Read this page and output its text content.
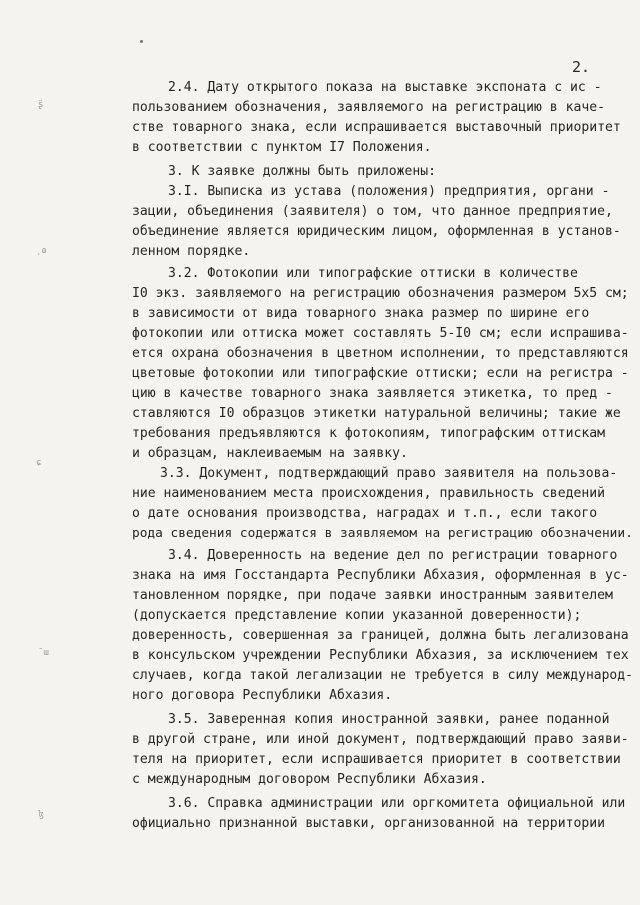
ʂ̈
˛ɷ
ɕ
˘ɯ
ɮ
2.
2.4. Дату открытого показа на выставке экспоната с ис -
пользованием обозначения, заявляемого на регистрацию в каче-
стве товарного знака, если испрашивается выставочный приоритет
в соответствии с пунктом I7 Положения.
3. К заявке должны быть приложены:
3.I. Выписка из устава (положения) предприятия, органи -
зации, объединения (заявителя) о том, что данное предприятие,
объединение является юридическим лицом, оформленная в установ-
ленном порядке.
3.2. Фотокопии или типографские оттиски в количестве
I0 экз. заявляемого на регистрацию обозначения размером 5х5 см;
в зависимости от вида товарного знака размер по ширине его
фотокопии или оттиска может составлять 5-I0 см; если испрашива-
ется охрана обозначения в цветном исполнении, то представляются
цветовые фотокопии или типографские оттиски; если на регистра -
цию в качестве товарного знака заявляется этикетка, то пред -
ставляются I0 образцов этикетки натуральной величины; такие же
требования предъявляются к фотокопиям, типографским оттискам
и образцам, наклеиваемым на заявку.
3.3. Документ, подтверждающий право заявителя на пользова-
ние наименованием места происхождения, правильность сведений
о дате основания производства, наградах и т.п., если такого
рода сведения содержатся в заявляемом на регистрацию обозначении.
3.4. Доверенность на ведение дел по регистрации товарного
знака на имя Госстандарта Республики Абхазия, оформленная в ус-
тановленном порядке, при подаче заявки иностранным заявителем
(допускается представление копии указанной доверенности);
доверенность, совершенная за границей, должна быть легализована
в консульском учреждении Республики Абхазия, за исключением тех
случаев, когда такой легализации не требуется в силу международ-
ного договора Республики Абхазия.
3.5. Заверенная копия иностранной заявки, ранее поданной
в другой стране, или иной документ, подтверждающий право заяви-
теля на приоритет, если испрашивается приоритет в соответствии
с международным договором Республики Абхазия.
3.6. Справка администрации или оргкомитета официальной или
официально признанной выставки, организованной на территории
